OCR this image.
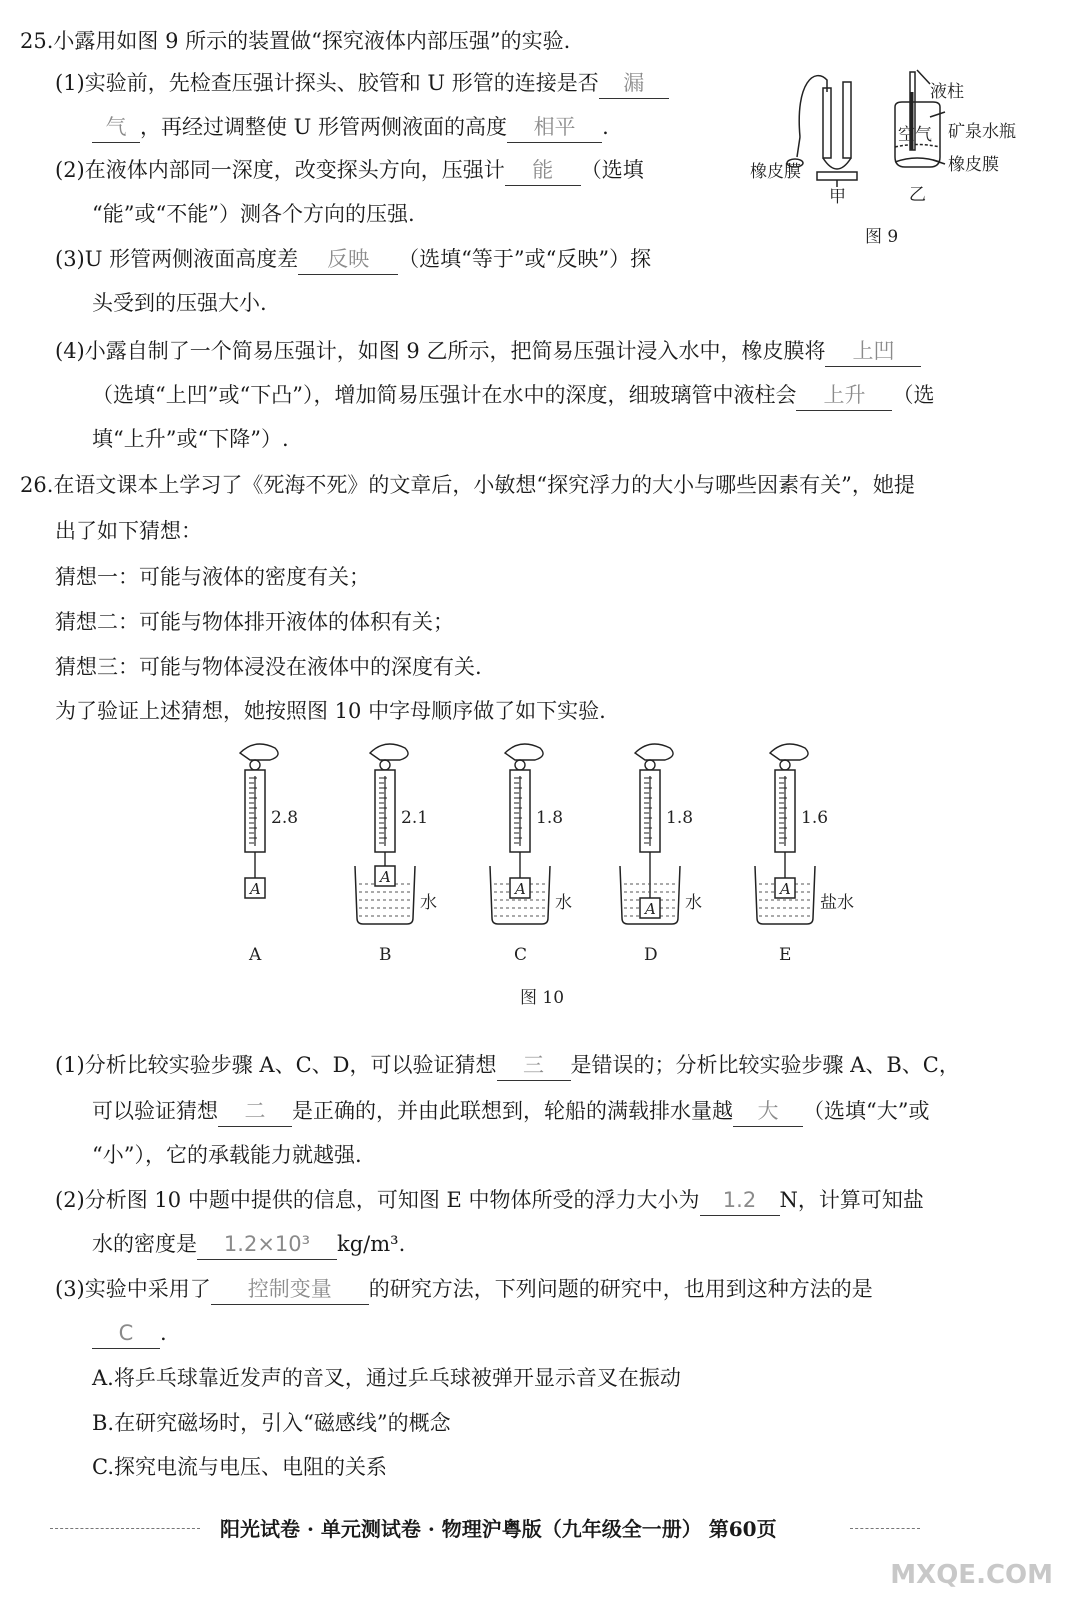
25.小露用如图 9 所示的装置做“探究液体内部压强”的实验.
(1)实验前，先检查压强计探头、胶管和 U 形管的连接是否 漏
气 ，再经过调整使 U 形管两侧液面的高度 相平 .
(2)在液体内部同一深度，改变探头方向，压强计 能 （选填
“能”或“不能”）测各个方向的压强.
(3)U 形管两侧液面高度差 反映 （选填“等于”或“反映”）探
头受到的压强大小.
(4)小露自制了一个简易压强计，如图 9 乙所示，把简易压强计浸入水中，橡皮膜将 上凹
（选填“上凹”或“下凸”），增加简易压强计在水中的深度，细玻璃管中液柱会 上升 （选
填“上升”或“下降”）.
空气
液柱
矿泉水瓶
橡皮膜
橡皮膜
甲	乙
图 9
26.在语文课本上学习了《死海不死》的文章后，小敏想“探究浮力的大小与哪些因素有关”，她提
出了如下猜想：
猜想一：可能与液体的密度有关；
猜想二：可能与物体排开液体的体积有关；
猜想三：可能与物体浸没在液体中的深度有关.
为了验证上述猜想，她按照图 10 中字母顺序做了如下实验.
2.8
A
A
2.1
水
A
B
1.8
水
A
C
1.8
水
A
D
1.6
盐水
A
E
图 10
(1)分析比较实验步骤 A、C、D，可以验证猜想 三 是错误的；分析比较实验步骤 A、B、C，
可以验证猜想 二 是正确的，并由此联想到，轮船的满载排水量越 大 （选填“大”或
“小”），它的承载能力就越强.
(2)分析图 10 中题中提供的信息，可知图 E 中物体所受的浮力大小为 1.2 N，计算可知盐
水的密度是 1.2×10³ kg/m³.
(3)实验中采用了 控制变量 的研究方法，下列问题的研究中，也用到这种方法的是
C .
A.将乒乓球靠近发声的音叉，通过乒乓球被弹开显示音叉在振动
B.在研究磁场时，引入“磁感线”的概念
C.探究电流与电压、电阻的关系
阳光试卷 · 单元测试卷 · 物理沪粤版（九年级全一册） 第60页
MXQE.COM
